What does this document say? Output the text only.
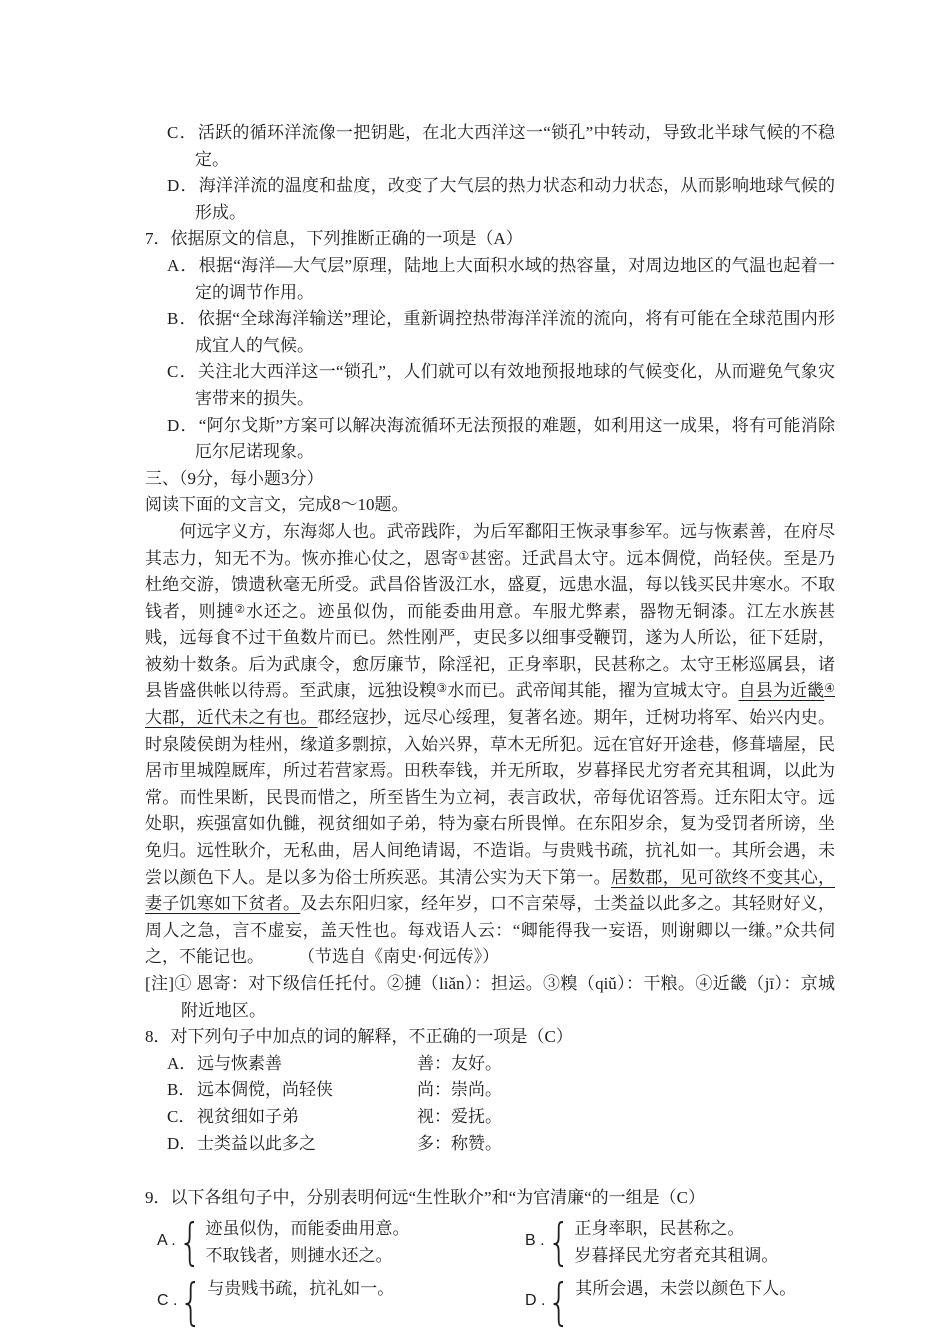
C．活跃的循环洋流像一把钥匙，在北大西洋这一“锁孔”中转动，导致北半球气候的不稳定。
D．海洋洋流的温度和盐度，改变了大气层的热力状态和动力状态，从而影响地球气候的形成。
7．依据原文的信息，下列推断正确的一项是（A）
A．根据“海洋—大气层”原理，陆地上大面积水域的热容量，对周边地区的气温也起着一定的调节作用。
B．依据“全球海洋输送”理论，重新调控热带海洋洋流的流向，将有可能在全球范围内形成宜人的气候。
C．关注北大西洋这一“锁孔”，人们就可以有效地预报地球的气候变化，从而避免气象灾害带来的损失。
D．“阿尔戈斯”方案可以解决海流循环无法预报的难题，如利用这一成果，将有可能消除厄尔尼诺现象。
三、（9分，每小题3分）
阅读下面的文言文，完成8～10题。

　　何远字义方，东海郯人也。武帝践阼，为后军鄱阳王恢录事参军。远与恢素善，在府尽其志力，知无不为。恢亦推心仗之，恩寄①甚密。迁武昌太守。远本倜傥，尚轻侠。至是乃杜绝交游，馈遗秋毫无所受。武昌俗皆汲江水，盛夏，远患水温，每以钱买民井寒水。不取钱者，则摙②水还之。迹虽似伪，而能委曲用意。车服尤弊素，器物无铜漆。江左水族甚贱，远每食不过干鱼数片而已。然性刚严，吏民多以细事受鞭罚，遂为人所讼，征下廷尉，被劾十数条。后为武康令，愈厉廉节，除淫祀，正身率职，民甚称之。太守王彬巡属县，诸县皆盛供帐以待焉。至武康，远独设糗③水而已。武帝闻其能，擢为宣城太守。自县为近畿④大郡，近代未之有也。郡经寇抄，远尽心绥理，复著名迹。期年，迁树功将军、始兴内史。时泉陵侯朗为桂州，缘道多剽掠，入始兴界，草木无所犯。远在官好开途巷，修葺墙屋，民居市里城隍厩库，所过若营家焉。田秩奉钱，并无所取，岁暮择民尤穷者充其租调，以此为常。而性果断，民畏而惜之，所至皆生为立祠，表言政状，帝每优诏答焉。迁东阳太守。远处职，疾强富如仇雠，视贫细如子弟，特为豪右所畏惮。在东阳岁余，复为受罚者所谤，坐免归。远性耿介，无私曲，居人间绝请谒，不造诣。与贵贱书疏，抗礼如一。其所会遇，未尝以颜色下人。是以多为俗士所疾恶。其清公实为天下第一。居数郡，见可欲终不变其心，妻子饥寒如下贫者。及去东阳归家，经年岁，口不言荣辱，士类益以此多之。其轻财好义，周人之急，言不虚妄，盖天性也。每戏语人云：“卿能得我一妄语，则谢卿以一缣。”众共伺之，不能记也。　　　（节选自《南史·何远传》）

[注]① 恩寄：对下级信任托付。②摙（liǎn）：担运。③糗（qiǔ）：干粮。④近畿（jī）：京城附近地区。
8．对下列句子中加点的词的解释，不正确的一项是（C）
A． 远与恢素善	善：友好。
B． 远本倜傥，尚轻侠	尚：崇尚。
C． 视贫细如子弟	视：爱抚。
D． 士类益以此多之	多：称赞。
9．以下各组句子中，分别表明何远“生性耿介”和“为官清廉“的一组是（C）
A . { 迹虽似伪，而能委曲用意。
不取钱者，则摙水还之。
B . { 正身率职，民甚称之。
岁暮择民尤穷者充其租调。
C . { 与贵贱书疏，抗礼如一。
D . { 其所会遇，未尝以颜色下人。
